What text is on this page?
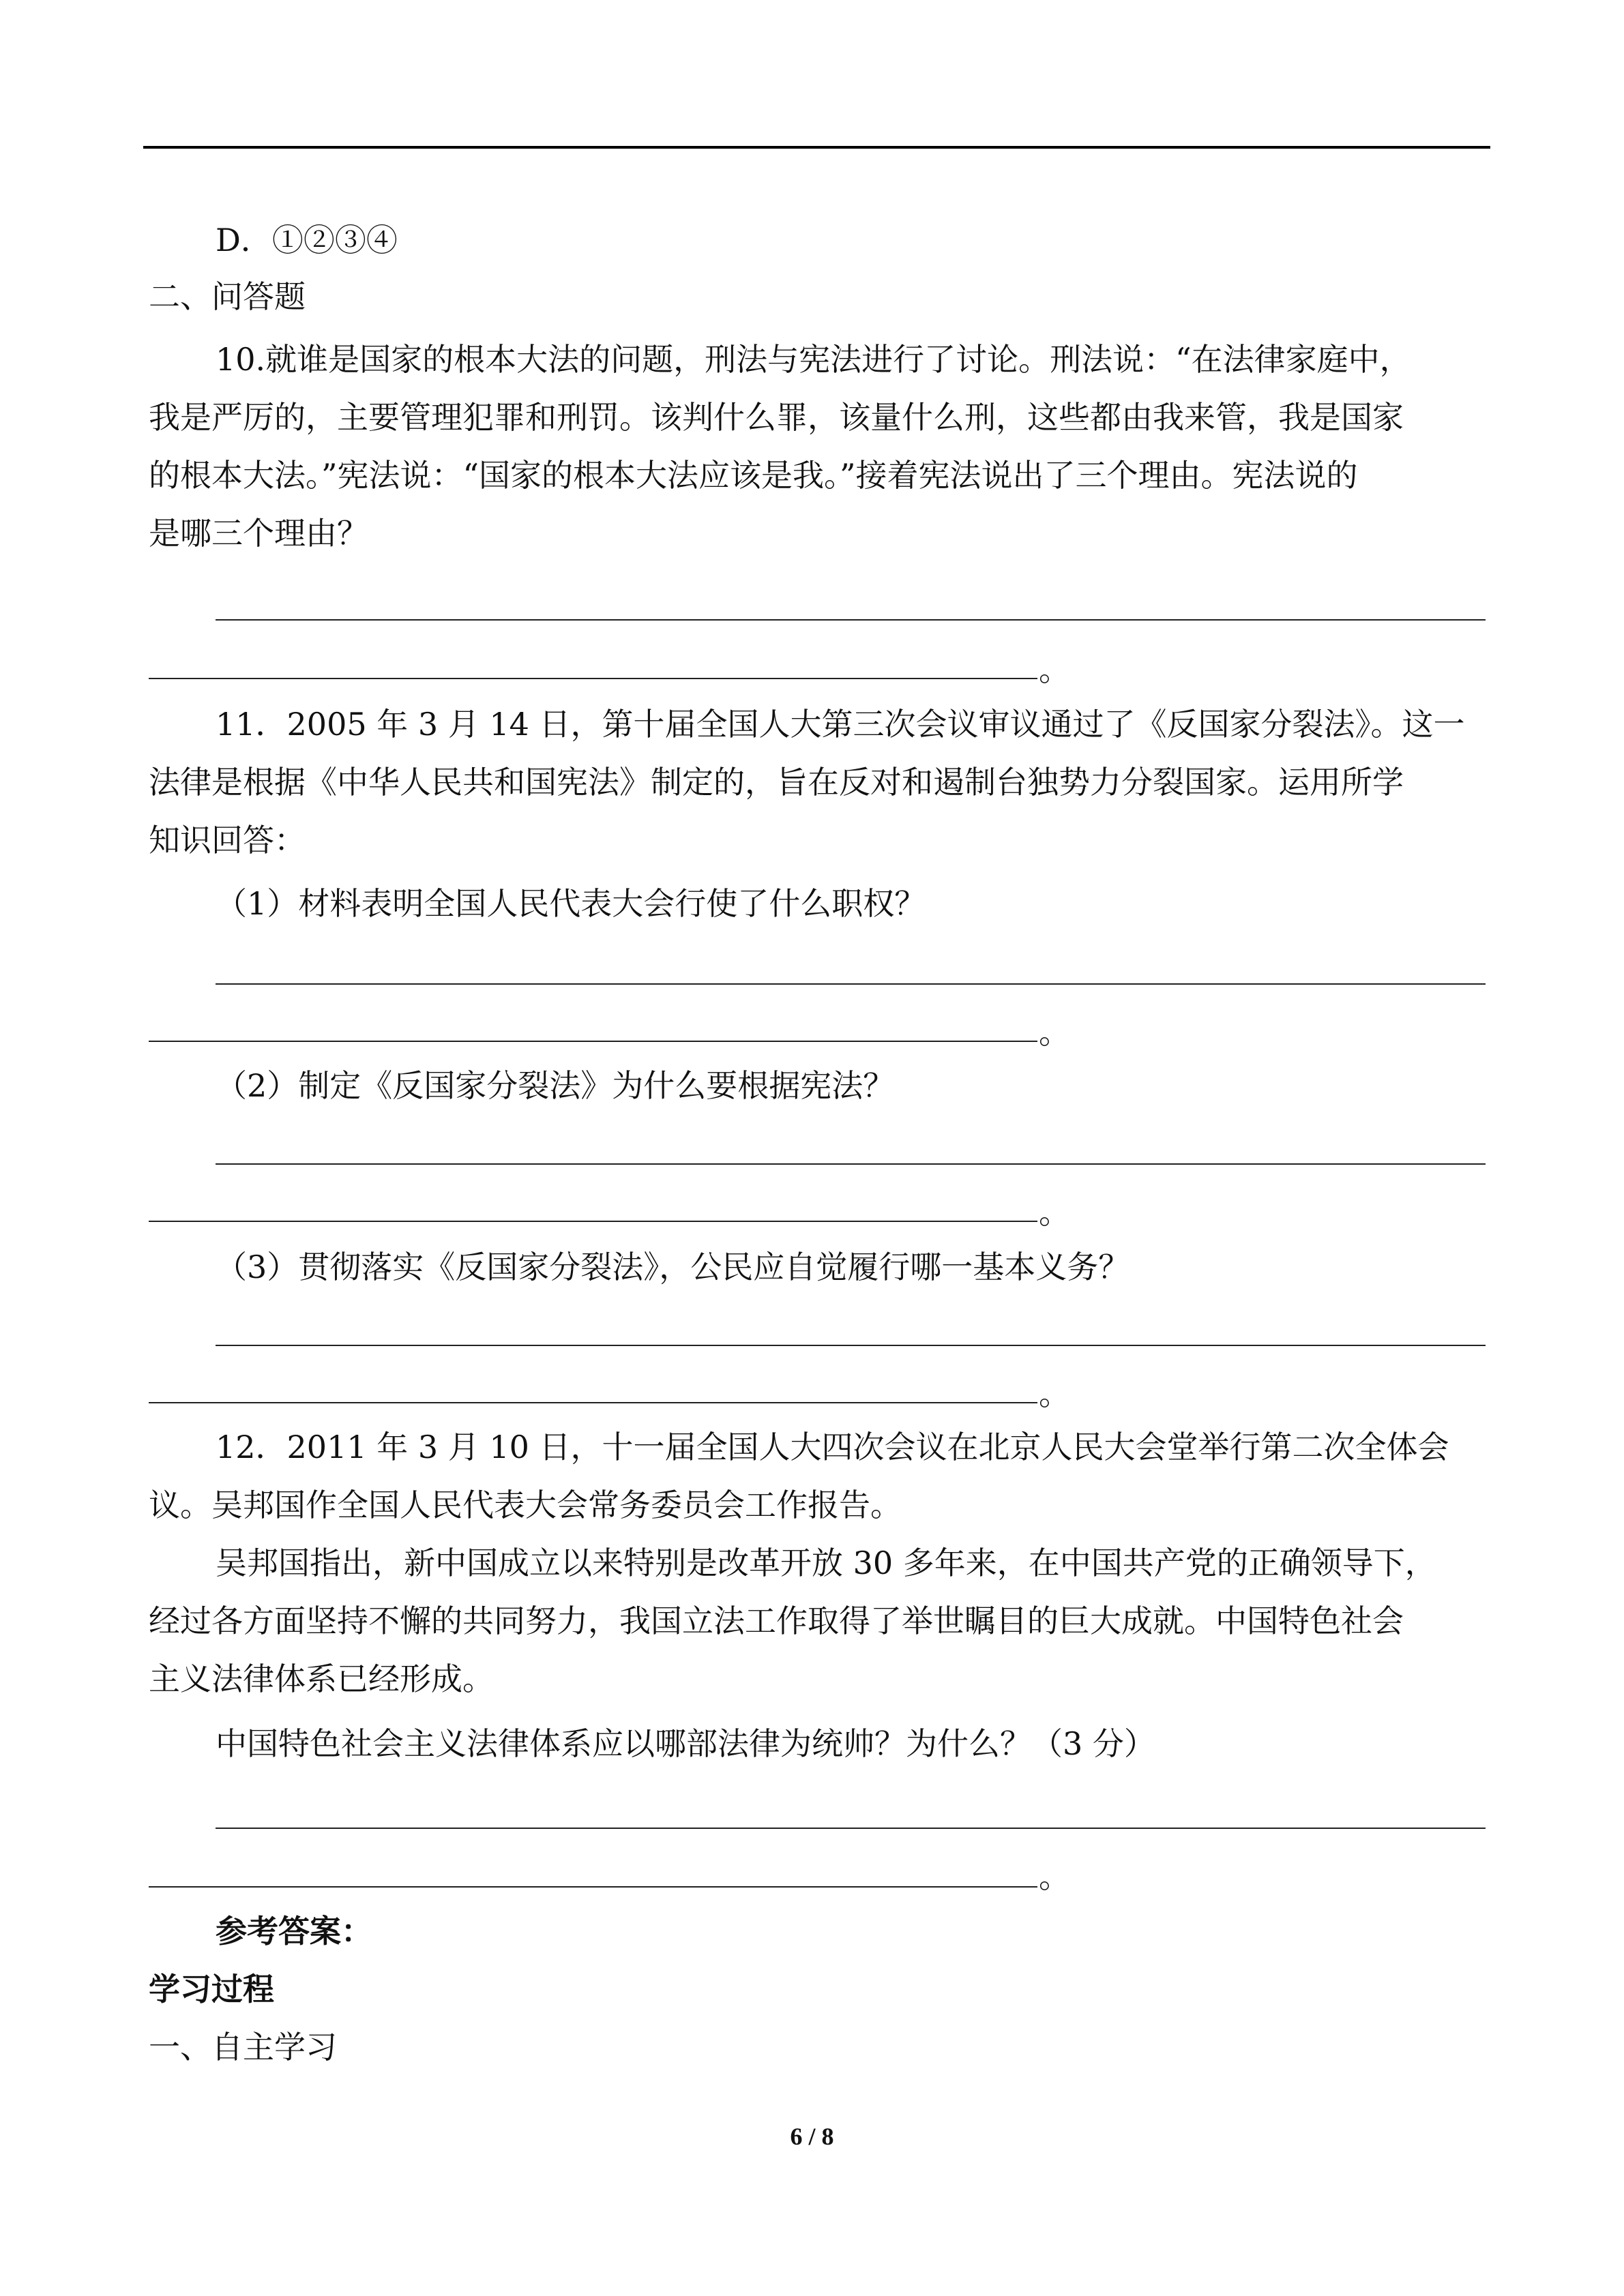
D．①②③④
二、问答题
10.就谁是国家的根本大法的问题，刑法与宪法进行了讨论。刑法说：“在法律家庭中，
我是严厉的，主要管理犯罪和刑罚。该判什么罪，该量什么刑，这些都由我来管，我是国家
的根本大法。”宪法说：“国家的根本大法应该是我。”接着宪法说出了三个理由。宪法说的
是哪三个理由？
。
11．2005 年 3 月 14 日，第十届全国人大第三次会议审议通过了《反国家分裂法》。这一
法律是根据《中华人民共和国宪法》制定的，旨在反对和遏制台独势力分裂国家。运用所学
知识回答：
（1）材料表明全国人民代表大会行使了什么职权？
。
（2）制定《反国家分裂法》为什么要根据宪法？
。
（3）贯彻落实《反国家分裂法》，公民应自觉履行哪一基本义务？
。
12．2011 年 3 月 10 日，十一届全国人大四次会议在北京人民大会堂举行第二次全体会
议。吴邦国作全国人民代表大会常务委员会工作报告。
吴邦国指出，新中国成立以来特别是改革开放 30 多年来，在中国共产党的正确领导下，
经过各方面坚持不懈的共同努力，我国立法工作取得了举世瞩目的巨大成就。中国特色社会
主义法律体系已经形成。
中国特色社会主义法律体系应以哪部法律为统帅？为什么？（3 分）
。
参考答案：
学习过程
一、自主学习
6 / 8
